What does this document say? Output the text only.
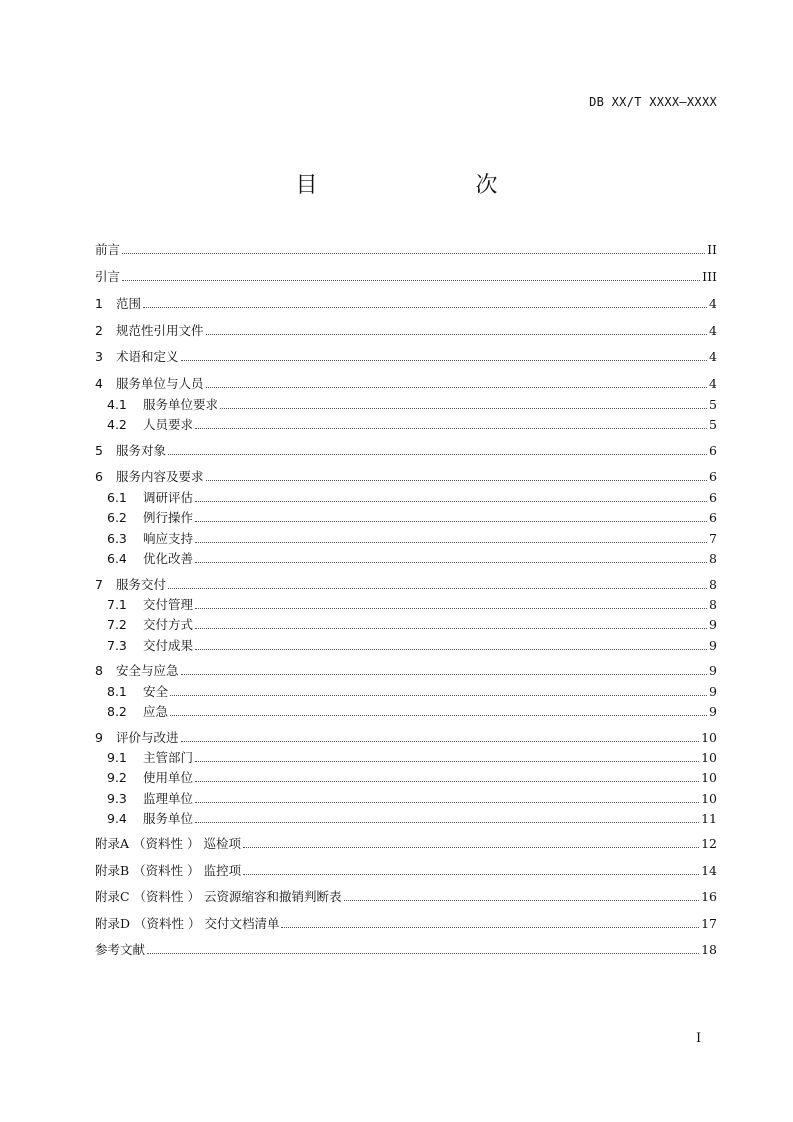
DB XX/T XXXX—XXXX
目　　次
前言	II
引言	III
1	范围	4
2	规范性引用文件	4
3	术语和定义	4
4	服务单位与人员	4
4.1	服务单位要求	5
4.2	人员要求	5
5	服务对象	6
6	服务内容及要求	6
6.1	调研评估	6
6.2	例行操作	6
6.3	响应支持	7
6.4	优化改善	8
7	服务交付	8
7.1	交付管理	8
7.2	交付方式	9
7.3	交付成果	9
8	安全与应急	9
8.1	安全	9
8.2	应急	9
9	评价与改进	10
9.1	主管部门	10
9.2	使用单位	10
9.3	监理单位	10
9.4	服务单位	11
附录A （资料性 ） 巡检项	12
附录B （资料性 ） 监控项	14
附录C （资料性 ） 云资源缩容和撤销判断表	16
附录D （资料性 ） 交付文档清单	17
参考文献	18
I
